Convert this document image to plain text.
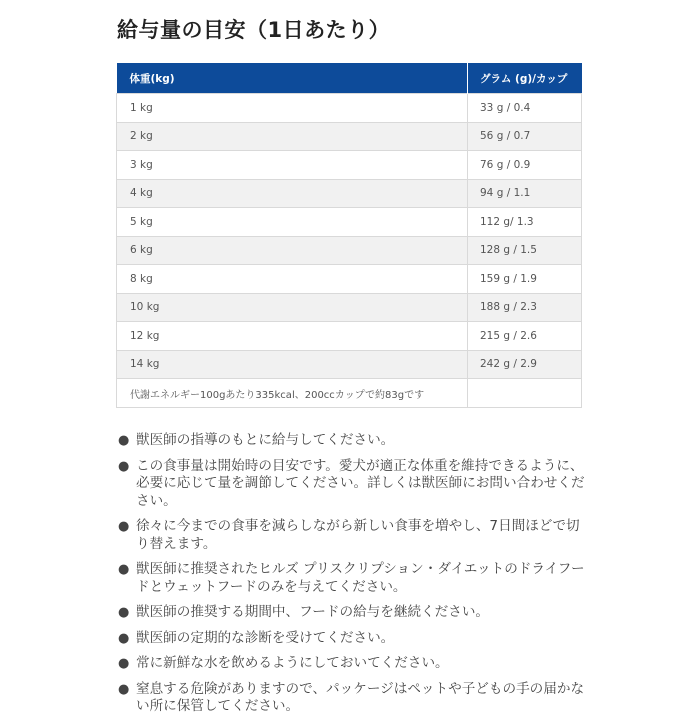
給与量の目安（1日あたり）
体重(kg)	グラム (g)/カップ
1 kg	33 g / 0.4
2 kg	56 g / 0.7
3 kg	76 g / 0.9
4 kg	94 g / 1.1
5 kg	112 g/ 1.3
6 kg	128 g / 1.5
8 kg	159 g / 1.9
10 kg	188 g / 2.3
12 kg	215 g / 2.6
14 kg	242 g / 2.9
代謝エネルギー100gあたり335kcal、200ccカップで約83gです	
● 獣医師の指導のもとに給与してください。
● この食事量は開始時の目安です。愛犬が適正な体重を維持できるように、必要に応じて量を調節してください。詳しくは獣医師にお問い合わせください。
● 徐々に今までの食事を減らしながら新しい食事を増やし、7日間ほどで切り替えます。
● 獣医師に推奨されたヒルズ プリスクリプション・ダイエットのドライフードとウェットフードのみを与えてください。
● 獣医師の推奨する期間中、フードの給与を継続ください。
● 獣医師の定期的な診断を受けてください。
● 常に新鮮な水を飲めるようにしておいてください。
● 窒息する危険がありますので、パッケージはペットや子どもの手の届かない所に保管してください。
